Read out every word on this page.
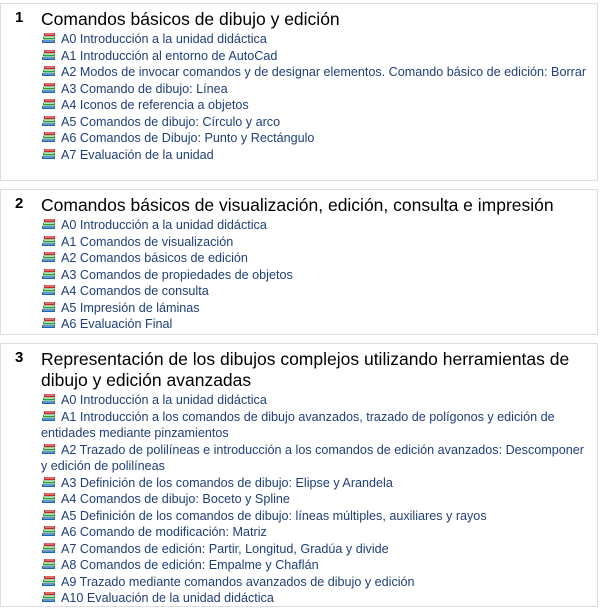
1 Comandos básicos de dibujo y edición
A0 Introducción a la unidad didáctica
A1 Introducción al entorno de AutoCad
A2 Modos de invocar comandos y de designar elementos. Comando básico de edición: Borrar
A3 Comando de dibujo: Línea
A4 Iconos de referencia a objetos
A5 Comandos de dibujo: Círculo y arco
A6 Comandos de Dibujo: Punto y Rectángulo
A7 Evaluación de la unidad
2 Comandos básicos de visualización, edición, consulta e impresión
A0 Introducción a la unidad didáctica
A1 Comandos de visualización
A2 Comandos básicos de edición
A3 Comandos de propiedades de objetos
A4 Comandos de consulta
A5 Impresión de láminas
A6 Evaluación Final
3 Representación de los dibujos complejos utilizando herramientas de dibujo y edición avanzadas
A0 Introducción a la unidad didáctica
A1 Introducción a los comandos de dibujo avanzados, trazado de polígonos y edición de entidades mediante pinzamientos
A2 Trazado de polilíneas e introducción a los comandos de edición avanzados: Descomponer y edición de polilíneas
A3 Definición de los comandos de dibujo: Elipse y Arandela
A4 Comandos de dibujo: Boceto y Spline
A5 Definición de los comandos de dibujo: líneas múltiples, auxiliares y rayos
A6 Comando de modificación: Matriz
A7 Comandos de edición: Partir, Longitud, Gradúa y divide
A8 Comandos de edición: Empalme y Chaflán
A9 Trazado mediante comandos avanzados de dibujo y edición
A10 Evaluación de la unidad didáctica
